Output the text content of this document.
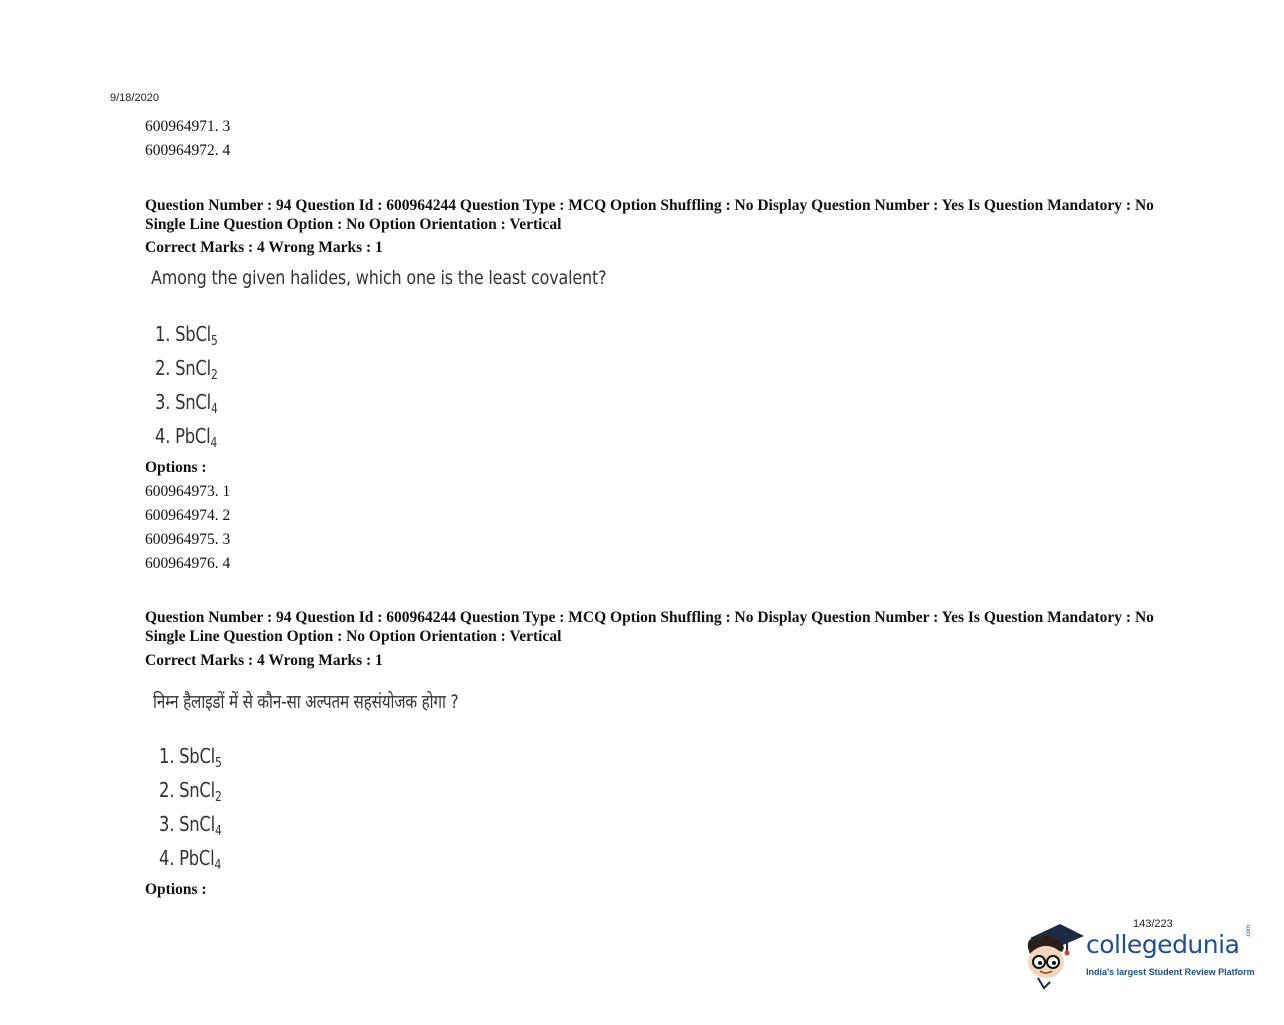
9/18/2020
600964971. 3
600964972. 4
Question Number : 94 Question Id : 600964244 Question Type : MCQ Option Shuffling : No Display Question Number : Yes Is Question Mandatory : No Single Line Question Option : No Option Orientation : Vertical
Correct Marks : 4 Wrong Marks : 1
Among the given halides, which one is the least covalent?
1. SbCl$_5$
2. SnCl$_2$
3. SnCl$_4$
4. PbCl$_4$
Options :
600964973. 1
600964974. 2
600964975. 3
600964976. 4
Question Number : 94 Question Id : 600964244 Question Type : MCQ Option Shuffling : No Display Question Number : Yes Is Question Mandatory : No Single Line Question Option : No Option Orientation : Vertical
Correct Marks : 4 Wrong Marks : 1
निम्न हैलाइडों में से कौन-सा अल्पतम सहसंयोजक होगा ?
1. SbCl$_5$
2. SnCl$_2$
3. SnCl$_4$
4. PbCl$_4$
Options :
143/223
collegedunia .com
India's largest Student Review Platform
